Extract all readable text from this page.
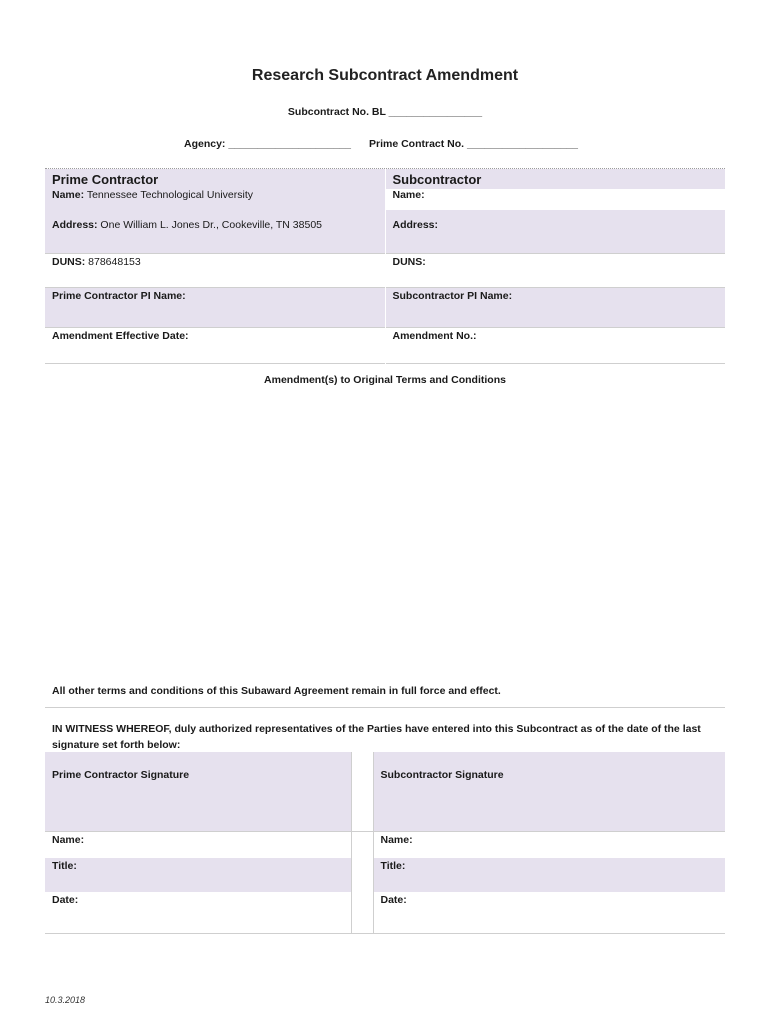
Research Subcontract Amendment
Subcontract No. BL ________________
Agency: _____________________ Prime Contract No. ___________________
Prime Contractor	Subcontractor
Name: Tennessee Technological University	Name:
Address: One William L. Jones Dr., Cookeville, TN 38505	Address:
DUNS: 878648153	DUNS:
Prime Contractor PI Name:	Subcontractor PI Name:
Amendment Effective Date:	Amendment No.:
Amendment(s) to Original Terms and Conditions
All other terms and conditions of this Subaward Agreement remain in full force and effect.
IN WITNESS WHEREOF, duly authorized representatives of the Parties have entered into this Subcontract as of the date of the last signature set forth below:
Prime Contractor Signature		Subcontractor Signature
Name:		Name:
Title:		Title:
Date:		Date:
10.3.2018
